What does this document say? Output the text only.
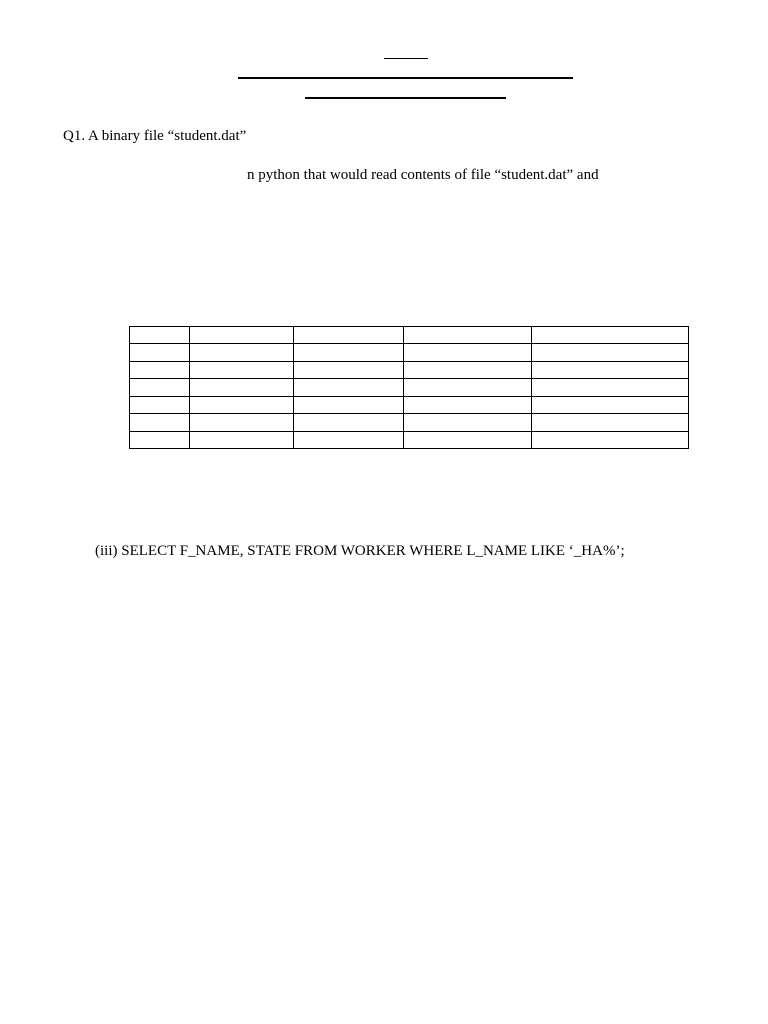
Q1. A binary file “student.dat”
n python that would read contents of file “student.dat” and

(iii) SELECT F_NAME, STATE FROM WORKER WHERE L_NAME LIKE ‘_HA%’;
